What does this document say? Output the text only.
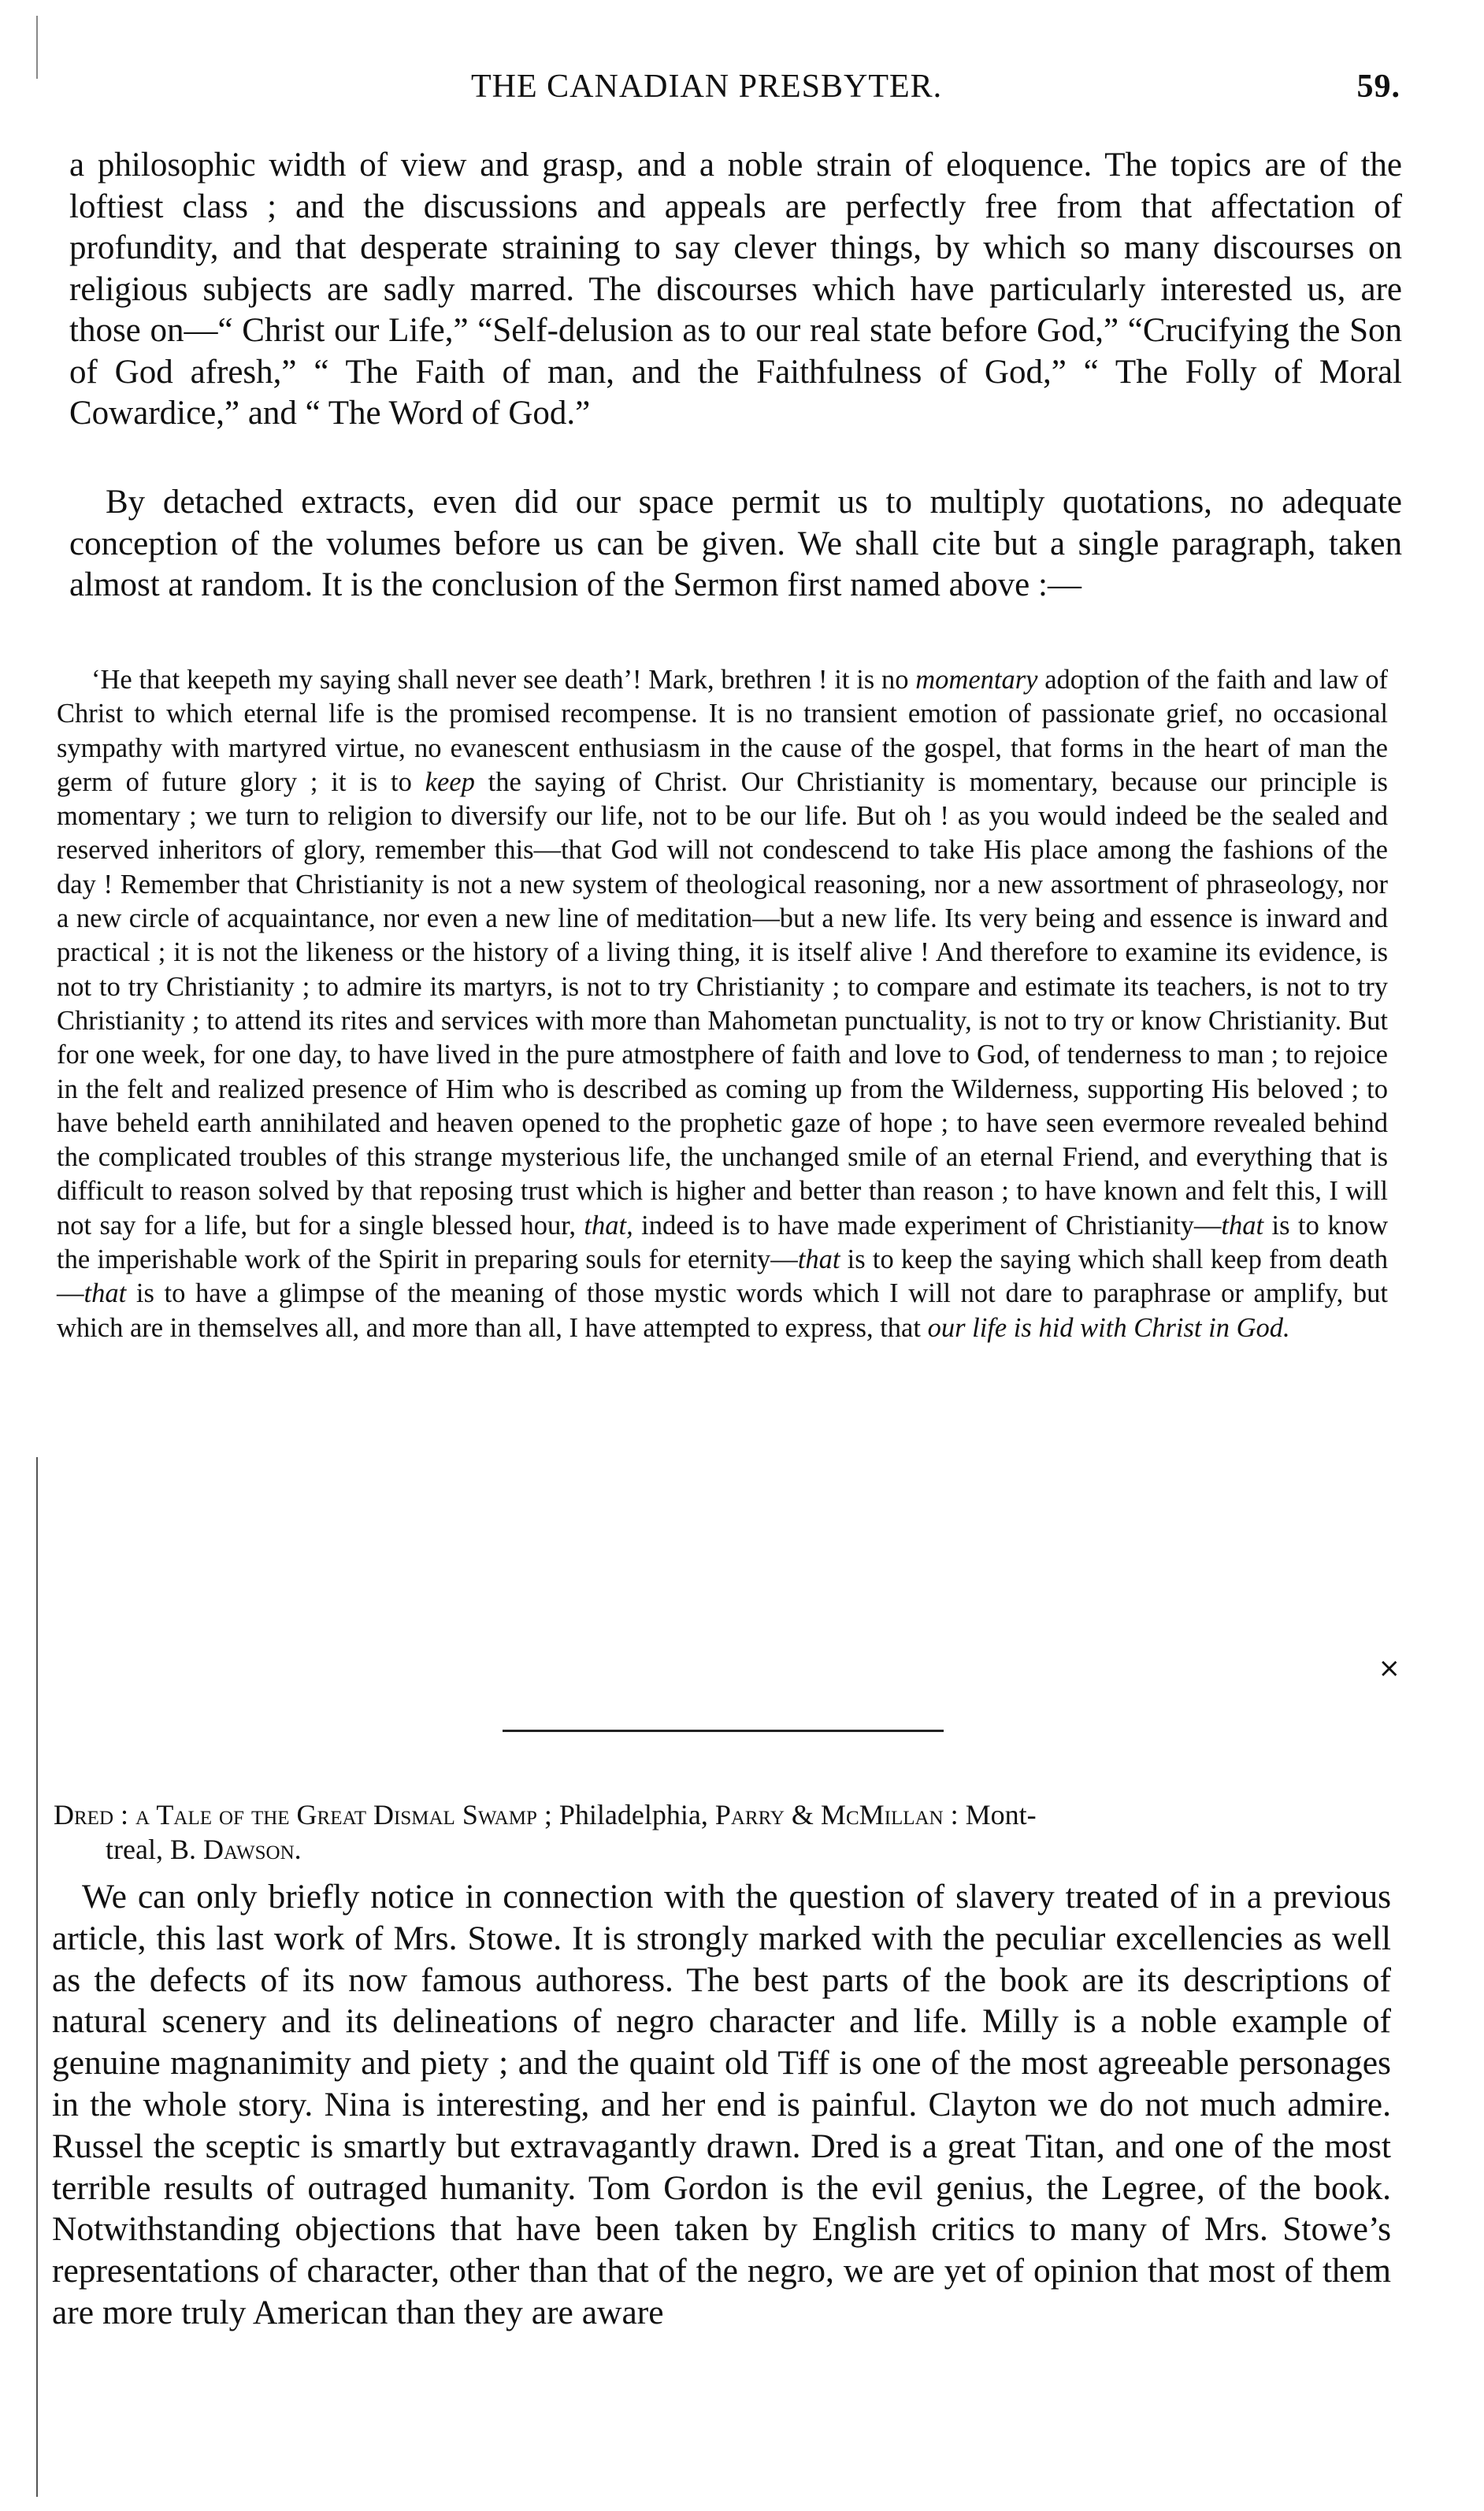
THE CANADIAN PRESBYTER.	59.

a philosophic width of view and grasp, and a noble strain of eloquence. The topics are of the loftiest class ; and the discussions and appeals are perfectly free from that affectation of profundity, and that desperate straining to say clever things, by which so many discourses on religious subjects are sadly marred. The discourses which have particularly interested us, are those on—“ Christ our Life,” “Self-delusion as to our real state before God,” “Crucifying the Son of God afresh,” “ The Faith of man, and the Faithfulness of God,” “ The Folly of Moral Cowardice,” and “ The Word of God.”

By detached extracts, even did our space permit us to multiply quotations, no adequate conception of the volumes before us can be given. We shall cite but a single paragraph, taken almost at random. It is the conclusion of the Sermon first named above :—

‘He that keepeth my saying shall never see death’! Mark, brethren ! it is no momentary adoption of the faith and law of Christ to which eternal life is the promised recompense. It is no transient emotion of passionate grief, no occasional sympathy with martyred virtue, no evanescent enthusiasm in the cause of the gospel, that forms in the heart of man the germ of future glory ; it is to keep the saying of Christ. Our Christianity is momentary, because our principle is momentary ; we turn to religion to diversify our life, not to be our life. But oh ! as you would indeed be the sealed and reserved inheritors of glory, remember this—that God will not condescend to take His place among the fashions of the day ! Remember that Christianity is not a new system of theological reasoning, nor a new assortment of phraseology, nor a new circle of acquaintance, nor even a new line of meditation—but a new life. Its very being and essence is inward and practical ; it is not the likeness or the history of a living thing, it is itself alive ! And therefore to examine its evidence, is not to try Christianity ; to admire its martyrs, is not to try Christianity ; to compare and estimate its teachers, is not to try Christianity ; to attend its rites and services with more than Mahometan punctuality, is not to try or know Christianity. But for one week, for one day, to have lived in the pure atmostphere of faith and love to God, of tenderness to man ; to rejoice in the felt and realized presence of Him who is described as coming up from the Wilderness, supporting His beloved ; to have beheld earth annihilated and heaven opened to the prophetic gaze of hope ; to have seen evermore revealed behind the complicated troubles of this strange mysterious life, the unchanged smile of an eternal Friend, and everything that is difficult to reason solved by that reposing trust which is higher and better than reason ; to have known and felt this, I will not say for a life, but for a single blessed hour, that, indeed is to have made experiment of Christianity—that is to know the imperishable work of the Spirit in preparing souls for eternity—that is to keep the saying which shall keep from death—that is to have a glimpse of the meaning of those mystic words which I will not dare to paraphrase or amplify, but which are in themselves all, and more than all, I have attempted to express, that our life is hid with Christ in God.

×

Dred : a Tale of the Great Dismal Swamp ; Philadelphia, Parry & McMillan : Mont-
treal, B. Dawson.

We can only briefly notice in connection with the question of slavery treated of in a previous article, this last work of Mrs. Stowe. It is strongly marked with the peculiar excellencies as well as the defects of its now famous authoress. The best parts of the book are its descriptions of natural scenery and its delineations of negro character and life. Milly is a noble example of genuine magnanimity and piety ; and the quaint old Tiff is one of the most agreeable personages in the whole story. Nina is interesting, and her end is painful. Clayton we do not much admire. Russel the sceptic is smartly but extravagantly drawn. Dred is a great Titan, and one of the most terrible results of outraged humanity. Tom Gordon is the evil genius, the Legree, of the book. Notwithstanding objections that have been taken by English critics to many of Mrs. Stowe’s representations of character, other than that of the negro, we are yet of opinion that most of them are more truly American than they are aware
